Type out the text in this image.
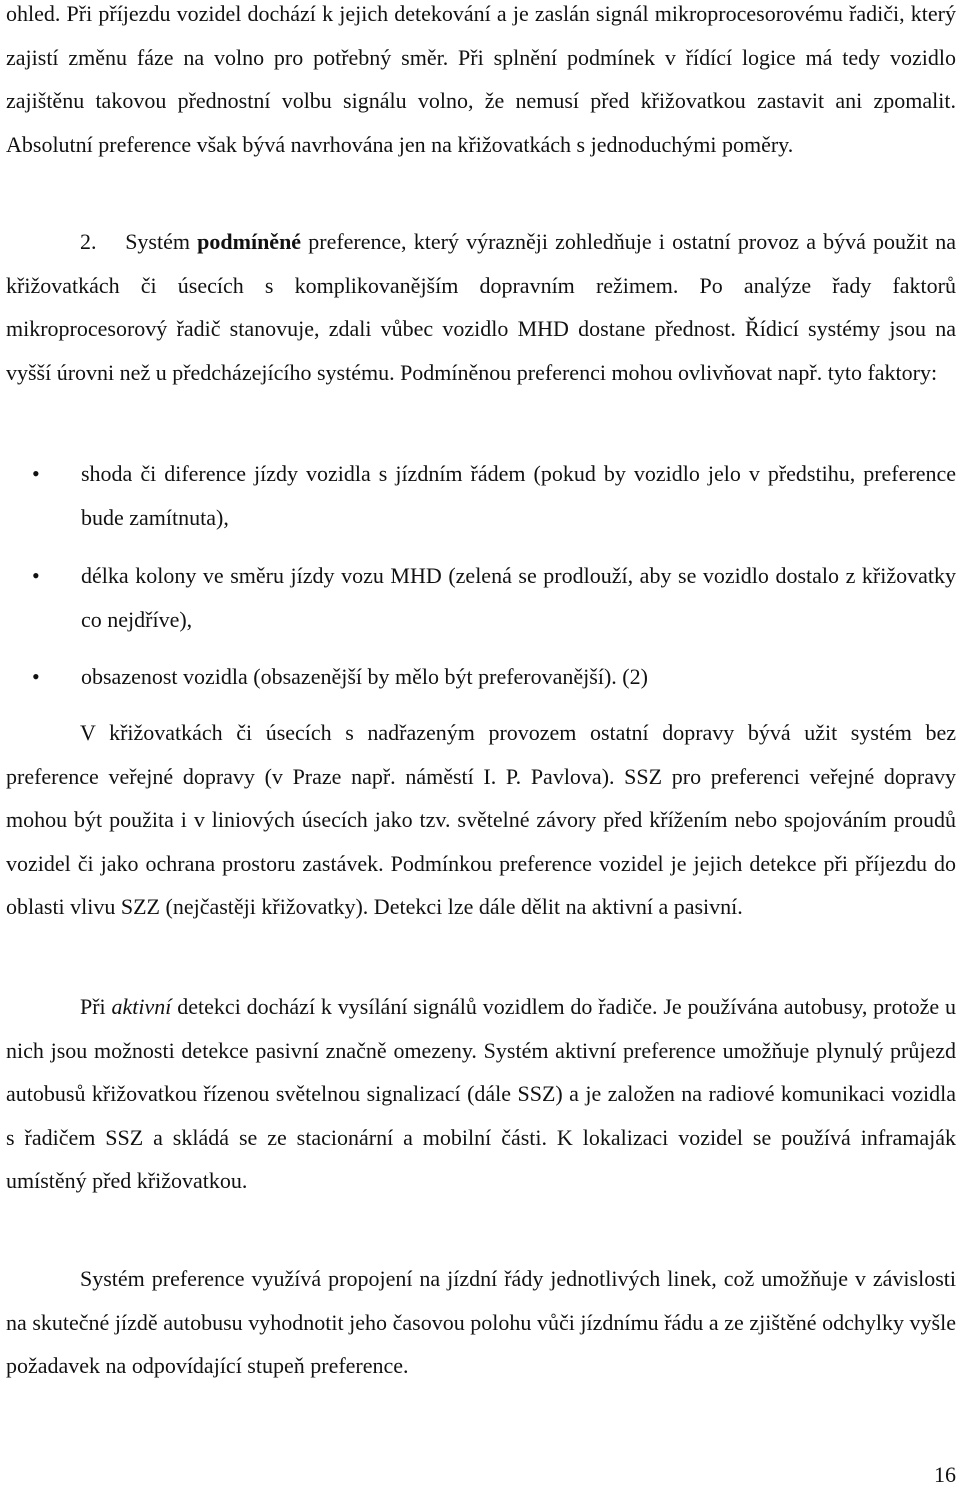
ohled. Při příjezdu vozidel dochází k jejich detekování a je zaslán signál mikroprocesorovému řadiči, který zajistí změnu fáze na volno pro potřebný směr. Při splnění podmínek v řídící logice má tedy vozidlo zajištěnu takovou přednostní volbu signálu volno, že nemusí před křižovatkou zastavit ani zpomalit. Absolutní preference však bývá navrhována jen na křižovatkách s jednoduchými poměry.

2. Systém podmíněné preference, který výrazněji zohledňuje i ostatní provoz a bývá použit na křižovatkách či úsecích s komplikovanějším dopravním režimem. Po analýze řady faktorů mikroprocesorový řadič stanovuje, zdali vůbec vozidlo MHD dostane přednost. Řídicí systémy jsou na vyšší úrovni než u předcházejícího systému. Podmíněnou preferenci mohou ovlivňovat např. tyto faktory:

• shoda či diference jízdy vozidla s jízdním řádem (pokud by vozidlo jelo v předstihu, preference bude zamítnuta),
• délka kolony ve směru jízdy vozu MHD (zelená se prodlouží, aby se vozidlo dostalo z křižovatky co nejdříve),
• obsazenost vozidla (obsazenější by mělo být preferovanější). (2)

V křižovatkách či úsecích s nadřazeným provozem ostatní dopravy bývá užit systém bez preference veřejné dopravy (v Praze např. náměstí I. P. Pavlova). SSZ pro preferenci veřejné dopravy mohou být použita i v liniových úsecích jako tzv. světelné závory před křížením nebo spojováním proudů vozidel či jako ochrana prostoru zastávek. Podmínkou preference vozidel je jejich detekce při příjezdu do oblasti vlivu SZZ (nejčastěji křižovatky). Detekci lze dále dělit na aktivní a pasivní.

Při aktivní detekci dochází k vysílání signálů vozidlem do řadiče. Je používána autobusy, protože u nich jsou možnosti detekce pasivní značně omezeny. Systém aktivní preference umožňuje plynulý průjezd autobusů křižovatkou řízenou světelnou signalizací (dále SSZ) a je založen na radiové komunikaci vozidla s řadičem SSZ a skládá se ze stacionární a mobilní části. K lokalizaci vozidel se používá inframaják umístěný před křižovatkou.

Systém preference využívá propojení na jízdní řády jednotlivých linek, což umožňuje v závislosti na skutečné jízdě autobusu vyhodnotit jeho časovou polohu vůči jízdnímu řádu a ze zjištěné odchylky vyšle požadavek na odpovídající stupeň preference.

16
